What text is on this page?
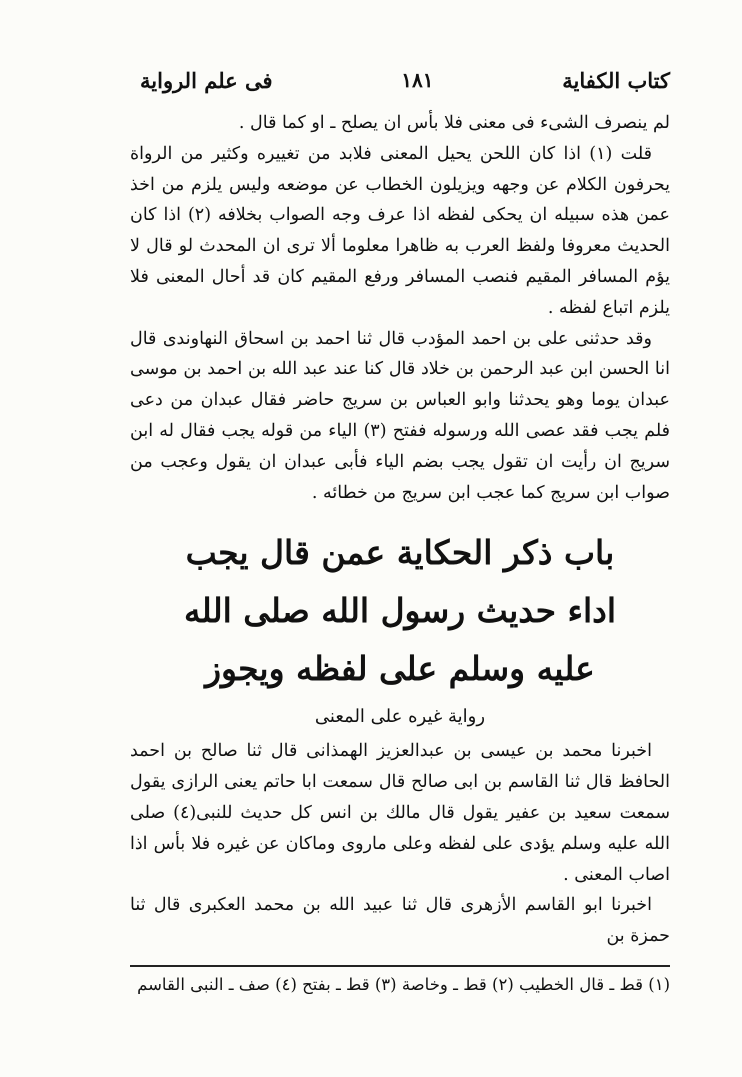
كتاب الكفاية
١٨١
فى علم الرواية

لم ينصرف الشىء فى معنى فلا بأس ان يصلح ـ او كما قال .

قلت (١) اذا كان اللحن يحيل المعنى فلابد من تغييره وكثير من الرواة يحرفون الكلام عن وجهه ويزيلون الخطاب عن موضعه وليس يلزم من اخذ عمن هذه سبيله ان يحكى لفظه اذا عرف وجه الصواب بخلافه (٢) اذا كان الحديث معروفا ولفظ العرب به ظاهرا معلوما ألا ترى ان المحدث لو قال لا يؤم المسافر المقيم فنصب المسافر ورفع المقيم كان قد أحال المعنى فلا يلزم اتباع لفظه .

وقد حدثنى على بن احمد المؤدب قال ثنا احمد بن اسحاق النهاوندى قال انا الحسن ابن عبد الرحمن بن خلاد قال كنا عند عبد الله بن احمد بن موسى عبدان يوما وهو يحدثنا وابو العباس بن سريج حاضر فقال عبدان من دعى فلم يجب فقد عصى الله ورسوله ففتح (٣) الياء من قوله يجب فقال له ابن سريج ان رأيت ان تقول يجب بضم الياء فأبى عبدان ان يقول وعجب من صواب ابن سريج كما عجب ابن سريج من خطائه .

باب ذكر الحكاية عمن قال يجب
اداء حديث رسول الله صلى الله
عليه وسلم على لفظه ويجوز
رواية غيره على المعنى

اخبرنا محمد بن عيسى بن عبدالعزيز الهمذانى قال ثنا صالح بن احمد الحافظ قال ثنا القاسم بن ابى صالح قال سمعت ابا حاتم يعنى الرازى يقول سمعت سعيد بن عفير يقول قال مالك بن انس كل حديث للنبى(٤) صلى الله عليه وسلم يؤدى على لفظه وعلى ماروى وماكان عن غيره فلا بأس اذا اصاب المعنى .

اخبرنا ابو القاسم الأزهرى قال ثنا عبيد الله بن محمد العكبرى قال ثنا حمزة بن

(١) قط ـ قال الخطيب (٢) قط ـ وخاصة (٣) قط ـ بفتح (٤) صف ـ النبى القاسم
